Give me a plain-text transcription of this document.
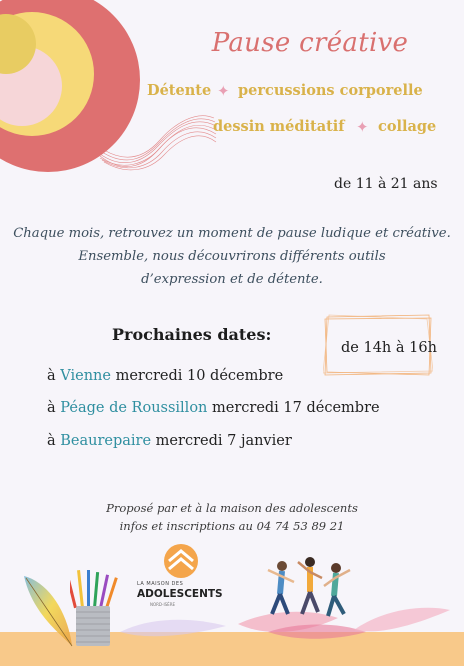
Pause créative
Détente ✦ percussions corporelle
dessin méditatif ✦ collage
de 11 à 21 ans
Chaque mois, retrouvez un moment de pause ludique et créative.
Ensemble, nous découvrirons différents outils
d’expression et de détente.
Prochaines dates:
de 14h à 16h
à Vienne mercredi 10 décembre
à Péage de Roussillon mercredi 17 décembre
à Beaurepaire mercredi 7 janvier
Proposé par et à la maison des adolescents
infos et inscriptions au 04 74 53 89 21
LA MAISON DES
ADOLESCENTS
NORD-ISÈRE
